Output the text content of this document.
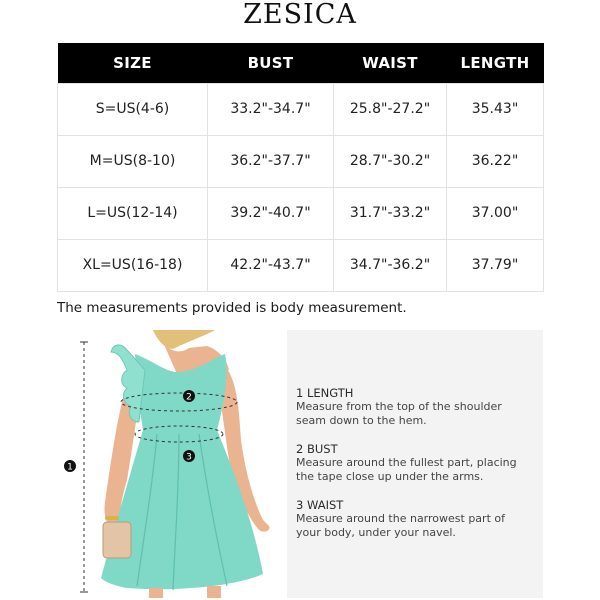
ZESICA
SIZE	BUST	WAIST	LENGTH
S=US(4-6)	33.2"-34.7"	25.8"-27.2"	35.43"
M=US(8-10)	36.2"-37.7"	28.7"-30.2"	36.22"
L=US(12-14)	39.2"-40.7"	31.7"-33.2"	37.00"
XL=US(16-18)	42.2"-43.7"	34.7"-36.2"	37.79"
The measurements provided is body measurement.
1
2
3
1 LENGTH
Measure from the top of the shoulder
seam down to the hem.
2 BUST
Measure around the fullest part, placing
the tape close up under the arms.
3 WAIST
Measure around the narrowest part of
your body, under your navel.
